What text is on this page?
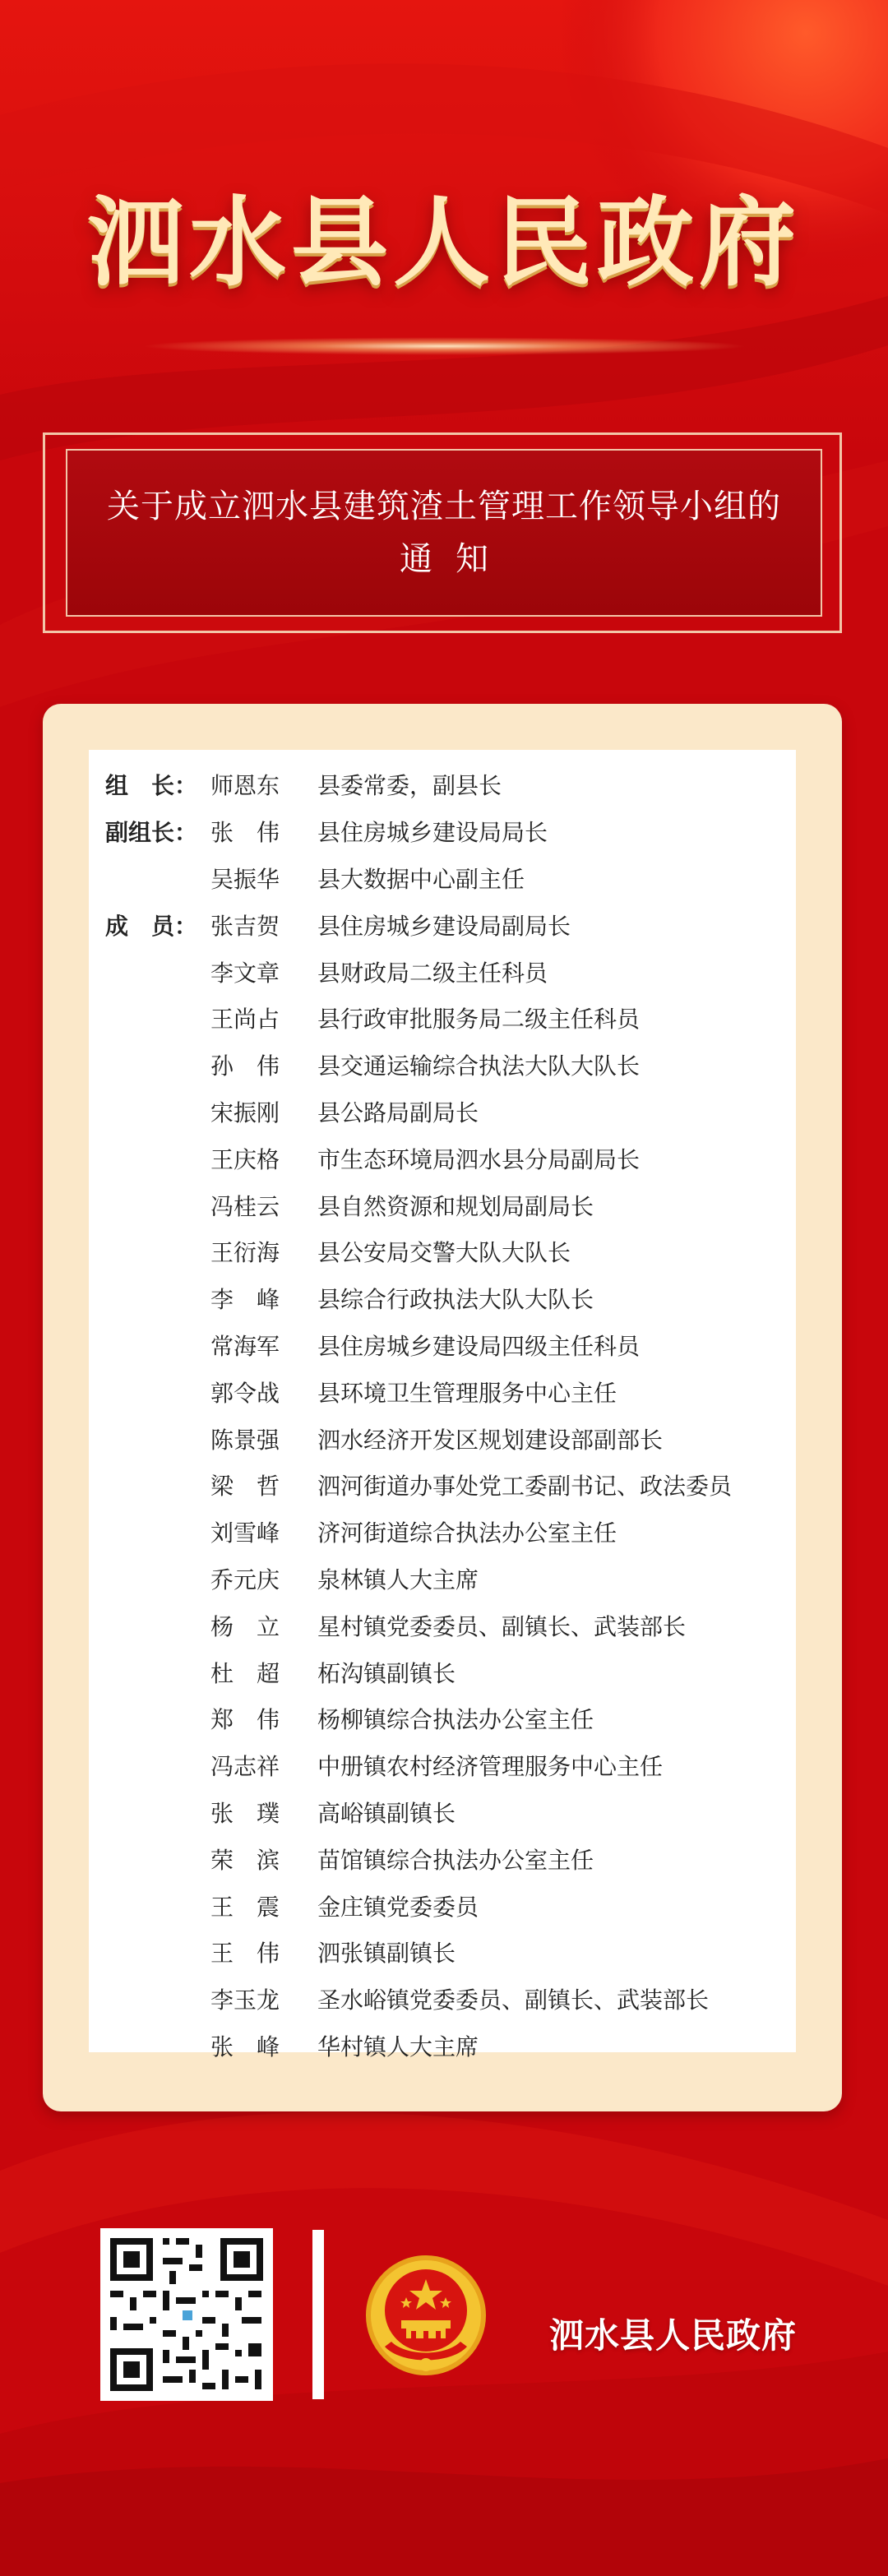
泗水县人民政府
关于成立泗水县建筑渣土管理工作领导小组的
通知
组　长： 师恩东	县委常委，副县长
副组长： 张　伟	县住房城乡建设局局长
吴振华	县大数据中心副主任
成　员： 张吉贺	县住房城乡建设局副局长
李文章	县财政局二级主任科员
王尚占	县行政审批服务局二级主任科员
孙　伟	县交通运输综合执法大队大队长
宋振刚	县公路局副局长
王庆格	市生态环境局泗水县分局副局长
冯桂云	县自然资源和规划局副局长
王衍海	县公安局交警大队大队长
李　峰	县综合行政执法大队大队长
常海军	县住房城乡建设局四级主任科员
郭令战	县环境卫生管理服务中心主任
陈景强	泗水经济开发区规划建设部副部长
梁　哲	泗河街道办事处党工委副书记、政法委员
刘雪峰	济河街道综合执法办公室主任
乔元庆	泉林镇人大主席
杨　立	星村镇党委委员、副镇长、武装部长
杜　超	柘沟镇副镇长
郑　伟	杨柳镇综合执法办公室主任
冯志祥	中册镇农村经济管理服务中心主任
张　璞	高峪镇副镇长
荣　滨	苗馆镇综合执法办公室主任
王　震	金庄镇党委委员
王　伟	泗张镇副镇长
李玉龙	圣水峪镇党委委员、副镇长、武装部长
张　峰	华村镇人大主席
泗水县人民政府
